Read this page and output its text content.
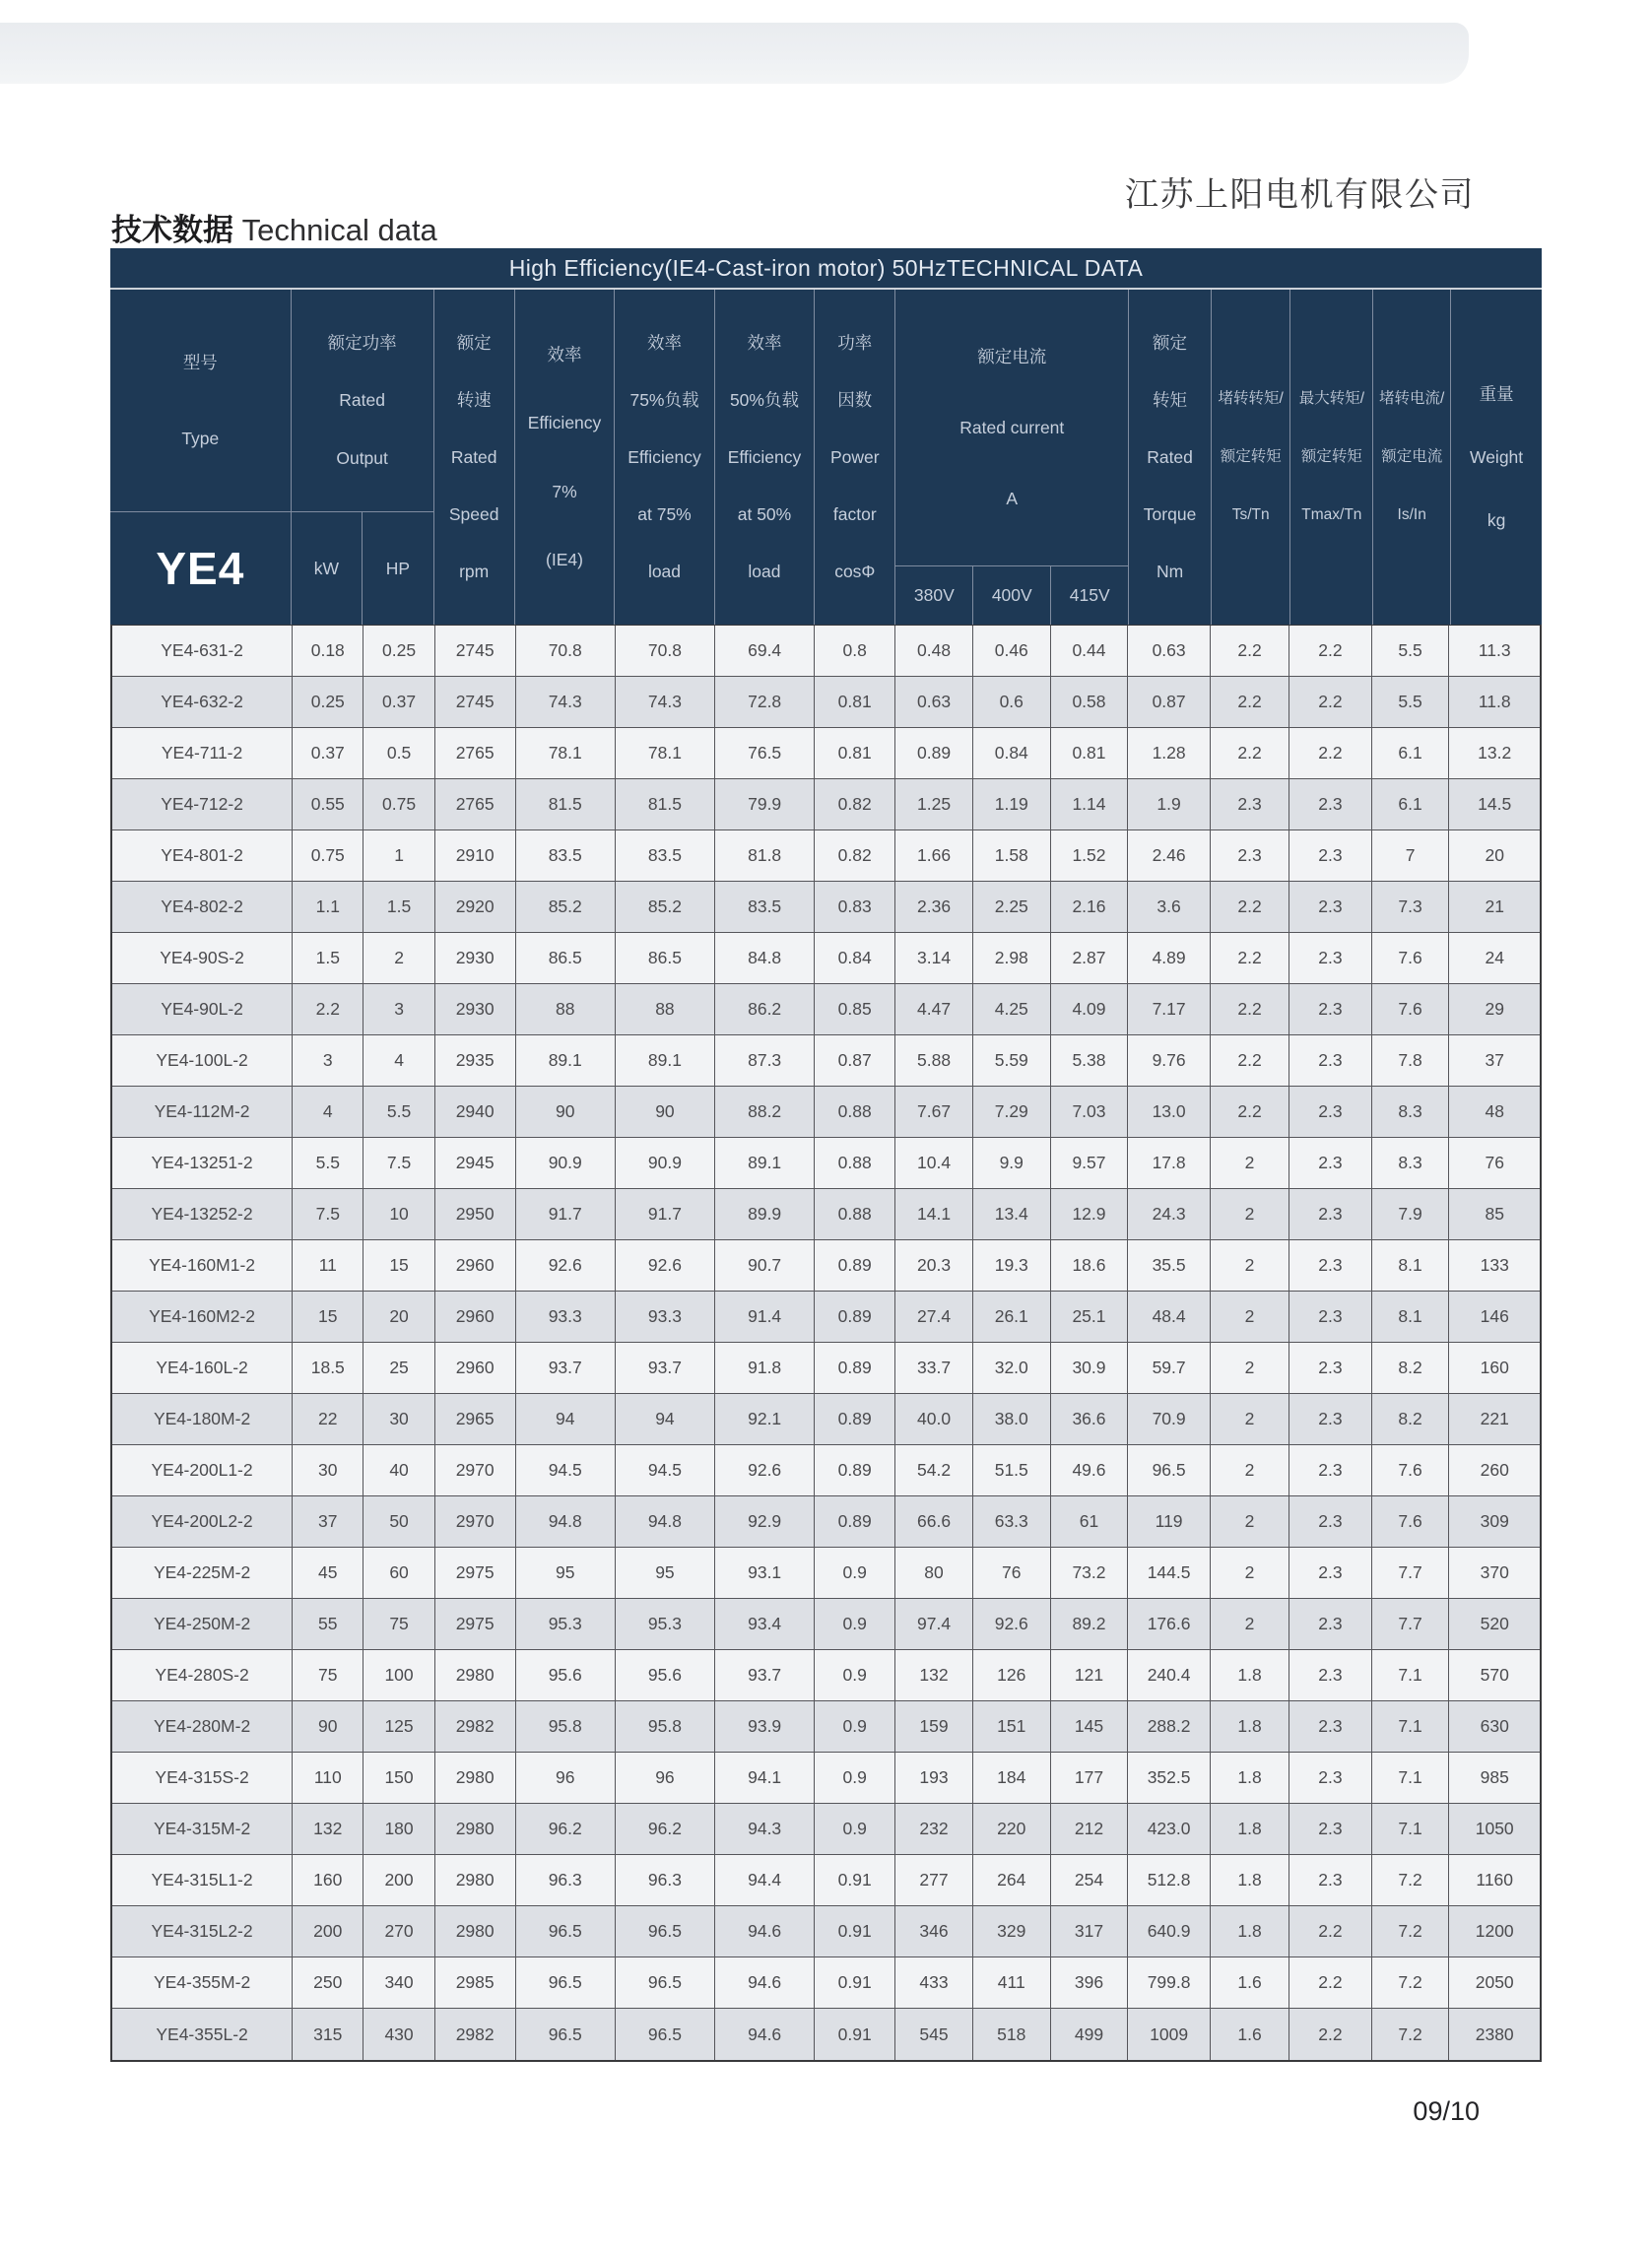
江苏上阳电机有限公司
技术数据 Technical data
High Efficiency(IE4-Cast-iron motor) 50HzTECHNICAL DATA
型号
Type
YE4
额定功率
Rated
Output
kW	HP
额定
转速
Rated
Speed
rpm
效率
Efficiency
7%
(IE4)
效率
75%负载
Efficiency
at 75%
load
效率
50%负载
Efficiency
at 50%
load
功率
因数
Power
factor
cosΦ
额定电流
Rated current
A
380V	400V	415V
额定
转矩
Rated
Torque
Nm
堵转转矩/
额定转矩
Ts/Tn
最大转矩/
额定转矩
Tmax/Tn
堵转电流/
额定电流
Is/In
重量
Weight
kg
YE4-631-2	0.18	0.25	2745	70.8	70.8	69.4	0.8	0.48	0.46	0.44	0.63	2.2	2.2	5.5	11.3
YE4-632-2	0.25	0.37	2745	74.3	74.3	72.8	0.81	0.63	0.6	0.58	0.87	2.2	2.2	5.5	11.8
YE4-711-2	0.37	0.5	2765	78.1	78.1	76.5	0.81	0.89	0.84	0.81	1.28	2.2	2.2	6.1	13.2
YE4-712-2	0.55	0.75	2765	81.5	81.5	79.9	0.82	1.25	1.19	1.14	1.9	2.3	2.3	6.1	14.5
YE4-801-2	0.75	1	2910	83.5	83.5	81.8	0.82	1.66	1.58	1.52	2.46	2.3	2.3	7	20
YE4-802-2	1.1	1.5	2920	85.2	85.2	83.5	0.83	2.36	2.25	2.16	3.6	2.2	2.3	7.3	21
YE4-90S-2	1.5	2	2930	86.5	86.5	84.8	0.84	3.14	2.98	2.87	4.89	2.2	2.3	7.6	24
YE4-90L-2	2.2	3	2930	88	88	86.2	0.85	4.47	4.25	4.09	7.17	2.2	2.3	7.6	29
YE4-100L-2	3	4	2935	89.1	89.1	87.3	0.87	5.88	5.59	5.38	9.76	2.2	2.3	7.8	37
YE4-112M-2	4	5.5	2940	90	90	88.2	0.88	7.67	7.29	7.03	13.0	2.2	2.3	8.3	48
YE4-13251-2	5.5	7.5	2945	90.9	90.9	89.1	0.88	10.4	9.9	9.57	17.8	2	2.3	8.3	76
YE4-13252-2	7.5	10	2950	91.7	91.7	89.9	0.88	14.1	13.4	12.9	24.3	2	2.3	7.9	85
YE4-160M1-2	11	15	2960	92.6	92.6	90.7	0.89	20.3	19.3	18.6	35.5	2	2.3	8.1	133
YE4-160M2-2	15	20	2960	93.3	93.3	91.4	0.89	27.4	26.1	25.1	48.4	2	2.3	8.1	146
YE4-160L-2	18.5	25	2960	93.7	93.7	91.8	0.89	33.7	32.0	30.9	59.7	2	2.3	8.2	160
YE4-180M-2	22	30	2965	94	94	92.1	0.89	40.0	38.0	36.6	70.9	2	2.3	8.2	221
YE4-200L1-2	30	40	2970	94.5	94.5	92.6	0.89	54.2	51.5	49.6	96.5	2	2.3	7.6	260
YE4-200L2-2	37	50	2970	94.8	94.8	92.9	0.89	66.6	63.3	61	119	2	2.3	7.6	309
YE4-225M-2	45	60	2975	95	95	93.1	0.9	80	76	73.2	144.5	2	2.3	7.7	370
YE4-250M-2	55	75	2975	95.3	95.3	93.4	0.9	97.4	92.6	89.2	176.6	2	2.3	7.7	520
YE4-280S-2	75	100	2980	95.6	95.6	93.7	0.9	132	126	121	240.4	1.8	2.3	7.1	570
YE4-280M-2	90	125	2982	95.8	95.8	93.9	0.9	159	151	145	288.2	1.8	2.3	7.1	630
YE4-315S-2	110	150	2980	96	96	94.1	0.9	193	184	177	352.5	1.8	2.3	7.1	985
YE4-315M-2	132	180	2980	96.2	96.2	94.3	0.9	232	220	212	423.0	1.8	2.3	7.1	1050
YE4-315L1-2	160	200	2980	96.3	96.3	94.4	0.91	277	264	254	512.8	1.8	2.3	7.2	1160
YE4-315L2-2	200	270	2980	96.5	96.5	94.6	0.91	346	329	317	640.9	1.8	2.2	7.2	1200
YE4-355M-2	250	340	2985	96.5	96.5	94.6	0.91	433	411	396	799.8	1.6	2.2	7.2	2050
YE4-355L-2	315	430	2982	96.5	96.5	94.6	0.91	545	518	499	1009	1.6	2.2	7.2	2380
09/10
